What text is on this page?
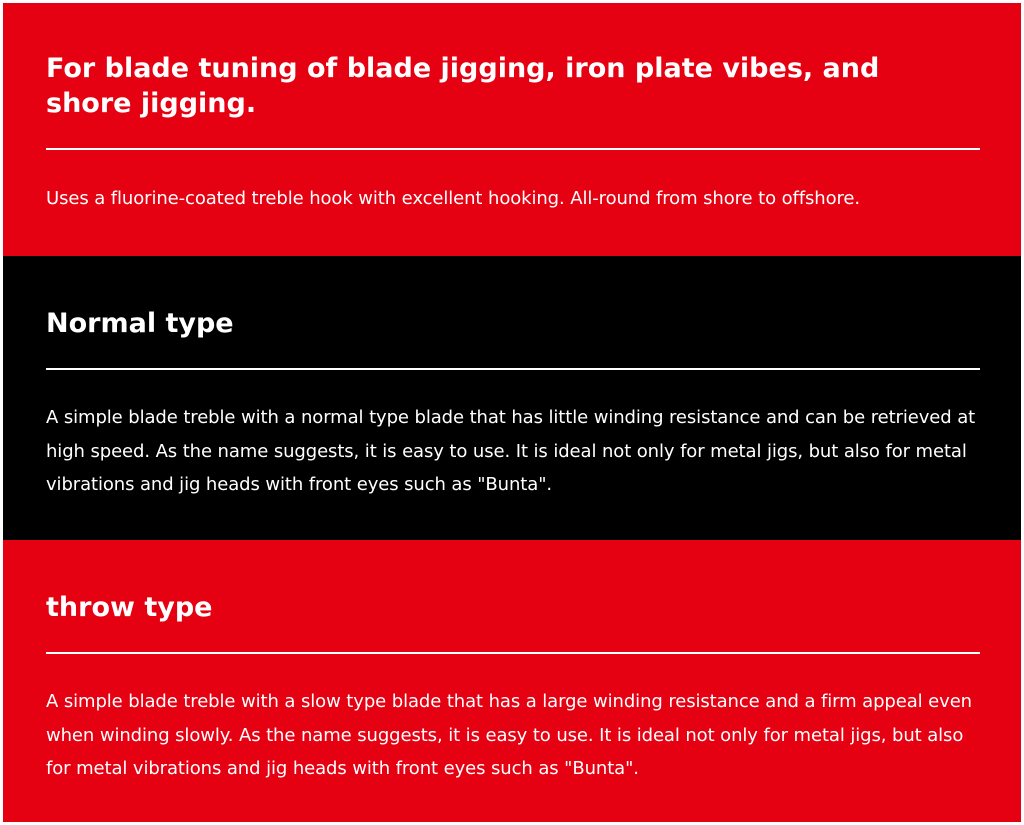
For blade tuning of blade jigging, iron plate vibes, and shore jigging.

Uses a fluorine-coated treble hook with excellent hooking. All-round from shore to offshore.

Normal type

A simple blade treble with a normal type blade that has little winding resistance and can be retrieved at high speed. As the name suggests, it is easy to use. It is ideal not only for metal jigs, but also for metal vibrations and jig heads with front eyes such as "Bunta".

throw type

A simple blade treble with a slow type blade that has a large winding resistance and a firm appeal even when winding slowly. As the name suggests, it is easy to use. It is ideal not only for metal jigs, but also for metal vibrations and jig heads with front eyes such as "Bunta".
